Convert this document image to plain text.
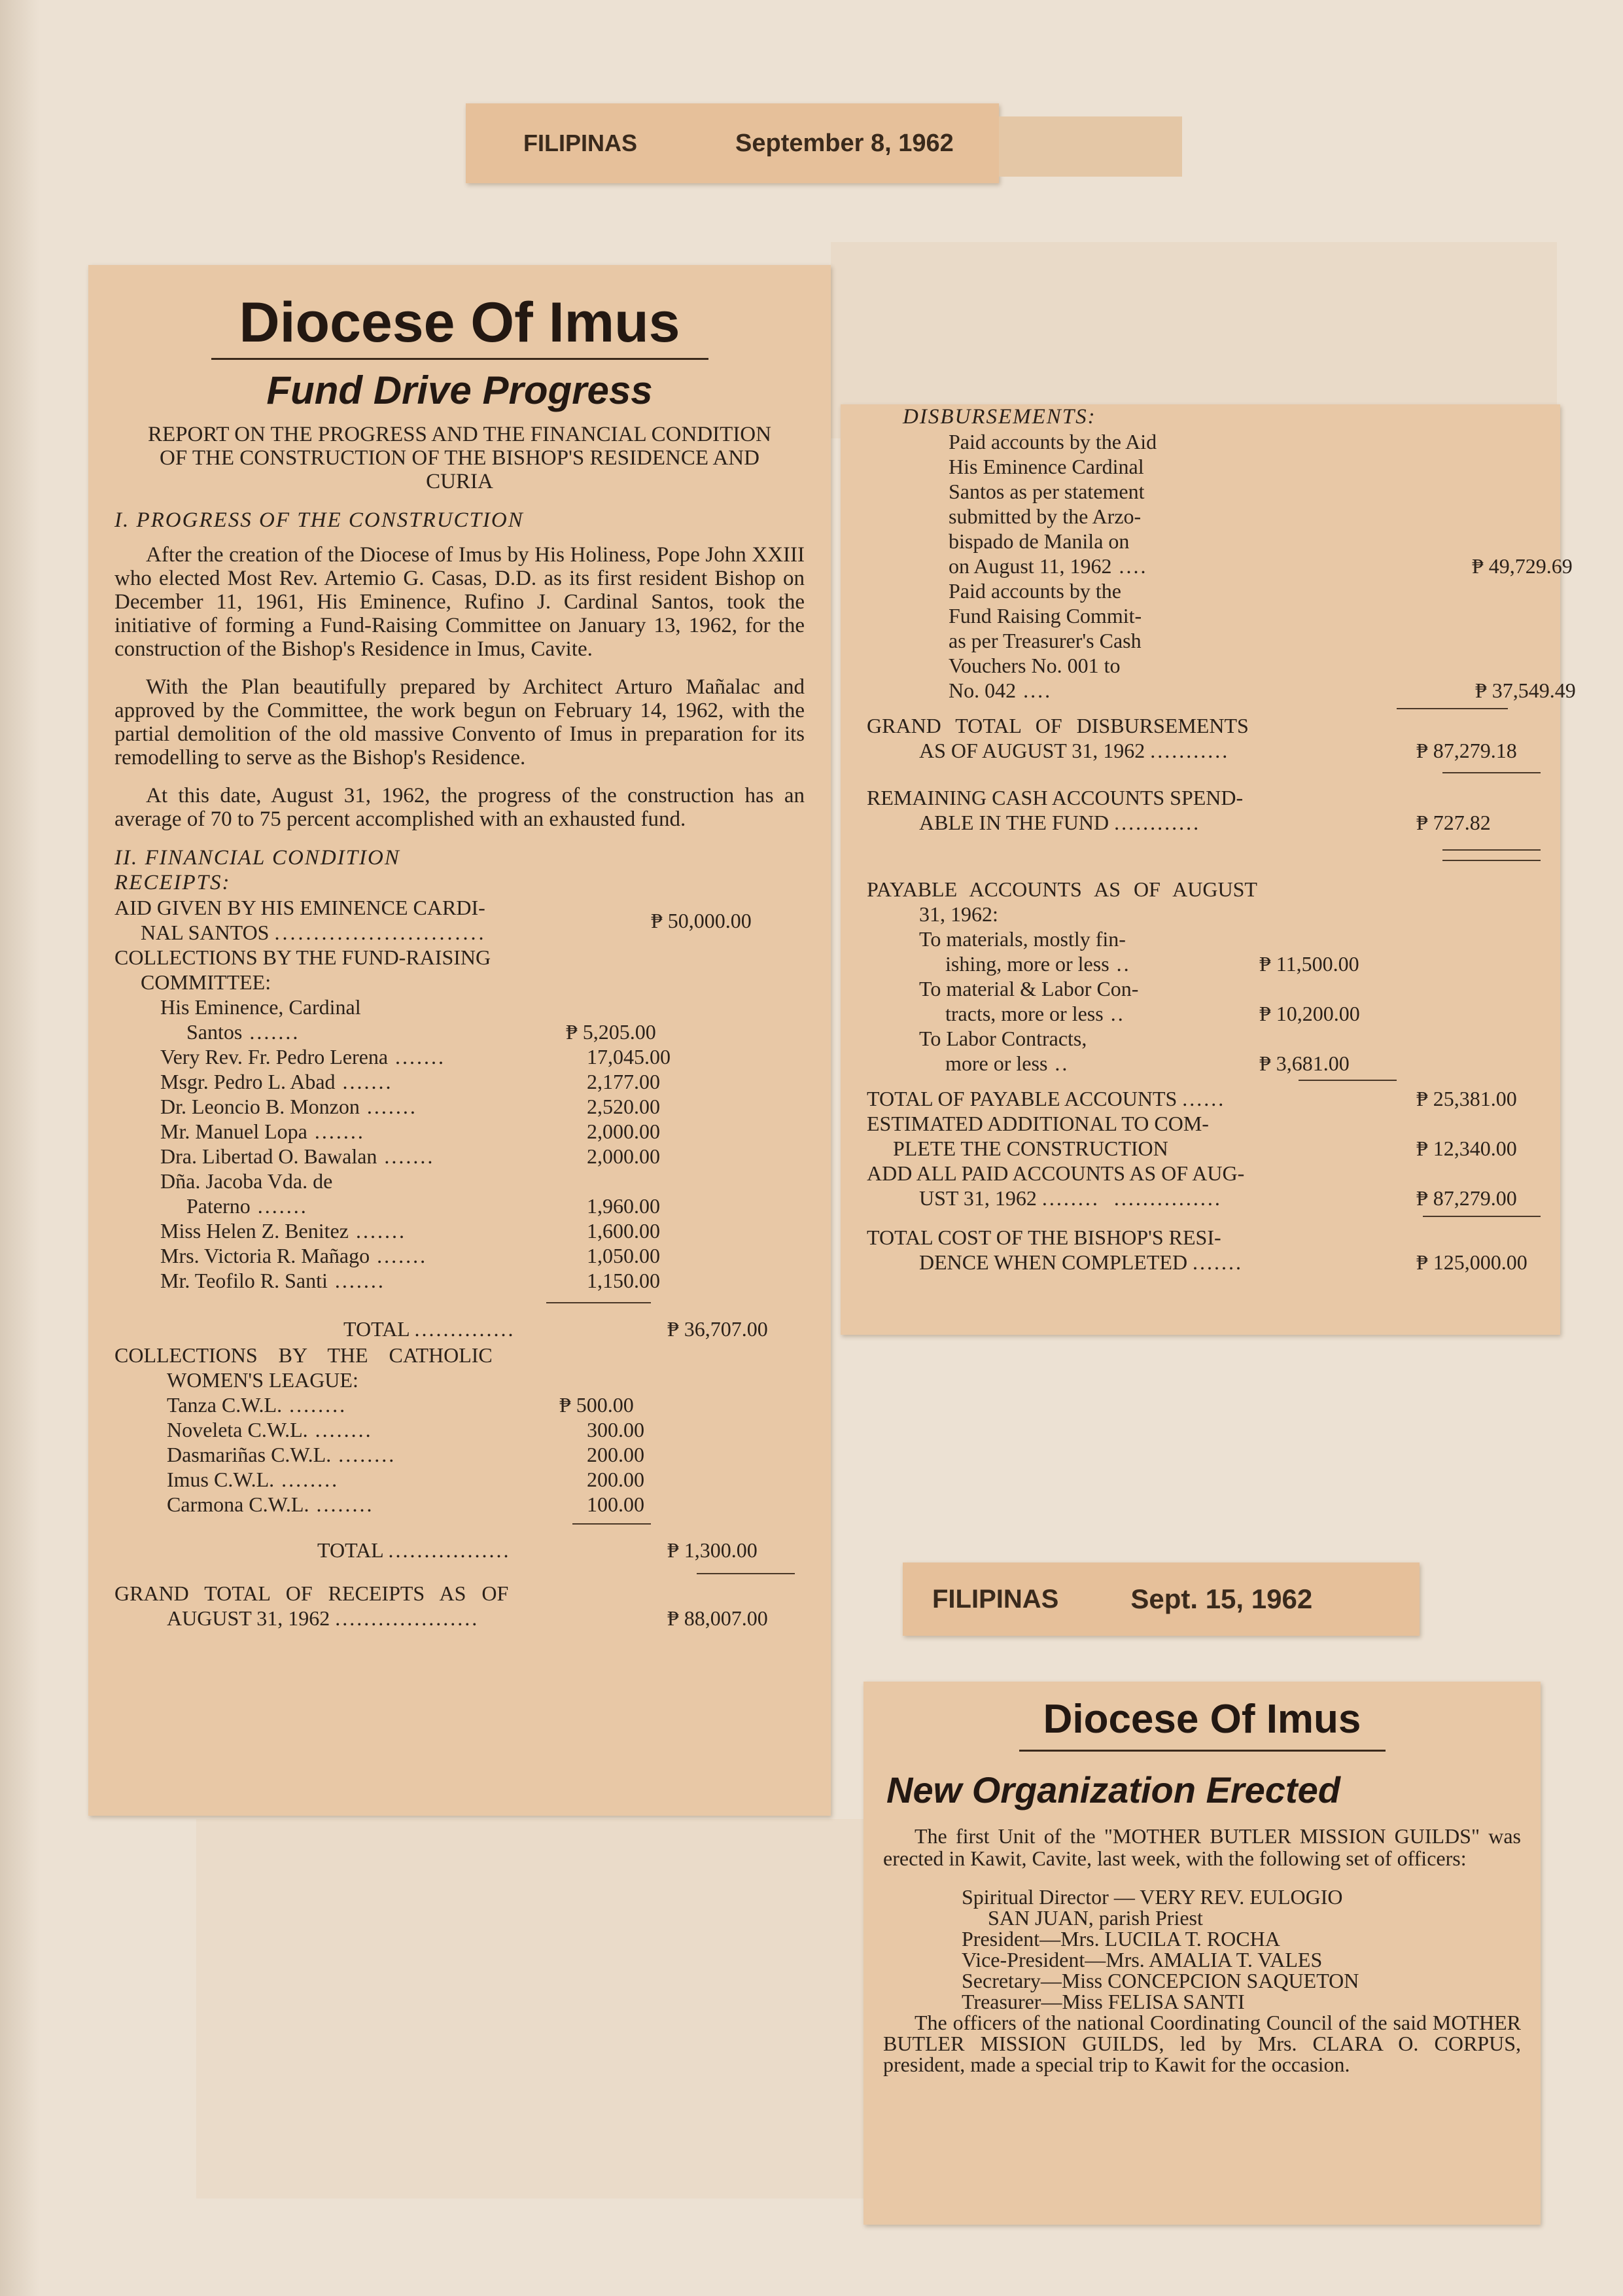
FILIPINAS	September 8, 1962
Diocese Of Imus
Fund Drive Progress
REPORT ON THE PROGRESS AND THE FINANCIAL CONDITION OF THE CONSTRUCTION OF THE BISHOP'S RESIDENCE AND CURIA
I. PROGRESS OF THE CONSTRUCTION

After the creation of the Diocese of Imus by His Holiness, Pope John XXIII who elected Most Rev. Artemio G. Casas, D.D. as its first resident Bishop on December 11, 1961, His Eminence, Rufino J. Cardinal Santos, took the initiative of forming a Fund-Raising Committee on January 13, 1962, for the construction of the Bishop's Residence in Imus, Cavite.

With the Plan beautifully prepared by Architect Arturo Mañalac and approved by the Committee, the work begun on February 14, 1962, with the partial demolition of the old massive Convento of Imus in preparation for its remodelling to serve as the Bishop's Residence.

At this date, August 31, 1962, the progress of the construction has an average of 70 to 75 percent accomplished with an exhausted fund.

II. FINANCIAL CONDITION
RECEIPTS:
AID GIVEN BY HIS EMINENCE CARDI-
NAL SANTOS ...........................	₱ 50,000.00
COLLECTIONS BY THE FUND-RAISING
COMMITTEE:
His Eminence, Cardinal
Santos .......	₱ 5,205.00
Very Rev. Fr. Pedro Lerena .......	17,045.00
Msgr. Pedro L. Abad .......	2,177.00
Dr. Leoncio B. Monzon .......	2,520.00
Mr. Manuel Lopa .......	2,000.00
Dra. Libertad O. Bawalan .......	2,000.00
Dña. Jacoba Vda. de
Paterno .......	1,960.00
Miss Helen Z. Benitez .......	1,600.00
Mrs. Victoria R. Mañago .......	1,050.00
Mr. Teofilo R. Santi .......	1,150.00
TOTAL ..............	₱ 36,707.00
COLLECTIONS BY THE CATHOLIC
WOMEN'S LEAGUE:
Tanza C.W.L. ........	₱ 500.00
Noveleta C.W.L. ........	300.00
Dasmariñas C.W.L. ........	200.00
Imus C.W.L. ........	200.00
Carmona C.W.L. ........	100.00
TOTAL .................	₱ 1,300.00
GRAND TOTAL OF RECEIPTS AS OF
AUGUST 31, 1962 ....................	₱ 88,007.00
DISBURSEMENTS:
Paid accounts by the Aid
His Eminence Cardinal
Santos as per statement
submitted by the Arzo-
bispado de Manila on
on August 11, 1962 ....	₱ 49,729.69
Paid accounts by the
Fund Raising Commit-
as per Treasurer's Cash
Vouchers No. 001 to
No. 042 ....	₱ 37,549.49
GRAND TOTAL OF DISBURSEMENTS
AS OF AUGUST 31, 1962 ...........	₱ 87,279.18
REMAINING CASH ACCOUNTS SPEND-
ABLE IN THE FUND ............	₱ 727.82
PAYABLE ACCOUNTS AS OF AUGUST
31, 1962:
To materials, mostly fin-
ishing, more or less ..	₱ 11,500.00
To material & Labor Con-
tracts, more or less ..	₱ 10,200.00
To Labor Contracts,
more or less ..	₱ 3,681.00
TOTAL OF PAYABLE ACCOUNTS ......	₱ 25,381.00
ESTIMATED ADDITIONAL TO COM-
PLETE THE CONSTRUCTION	₱ 12,340.00
ADD ALL PAID ACCOUNTS AS OF AUG-
UST 31, 1962 ........  ...............	₱ 87,279.00
TOTAL COST OF THE BISHOP'S RESI-
DENCE WHEN COMPLETED .......	₱ 125,000.00
FILIPINAS	Sept. 15, 1962
Diocese Of Imus
New Organization Erected

The first Unit of the "MOTHER BUTLER MISSION GUILDS" was erected in Kawit, Cavite, last week, with the following set of officers:

Spiritual Director — VERY REV. EULOGIO
SAN JUAN, parish Priest
President—Mrs. LUCILA T. ROCHA
Vice-President—Mrs. AMALIA T. VALES
Secretary—Miss CONCEPCION SAQUETON
Treasurer—Miss FELISA SANTI

The officers of the national Coordinating Council of the said MOTHER BUTLER MISSION GUILDS, led by Mrs. CLARA O. CORPUS, president, made a special trip to Kawit for the occasion.
